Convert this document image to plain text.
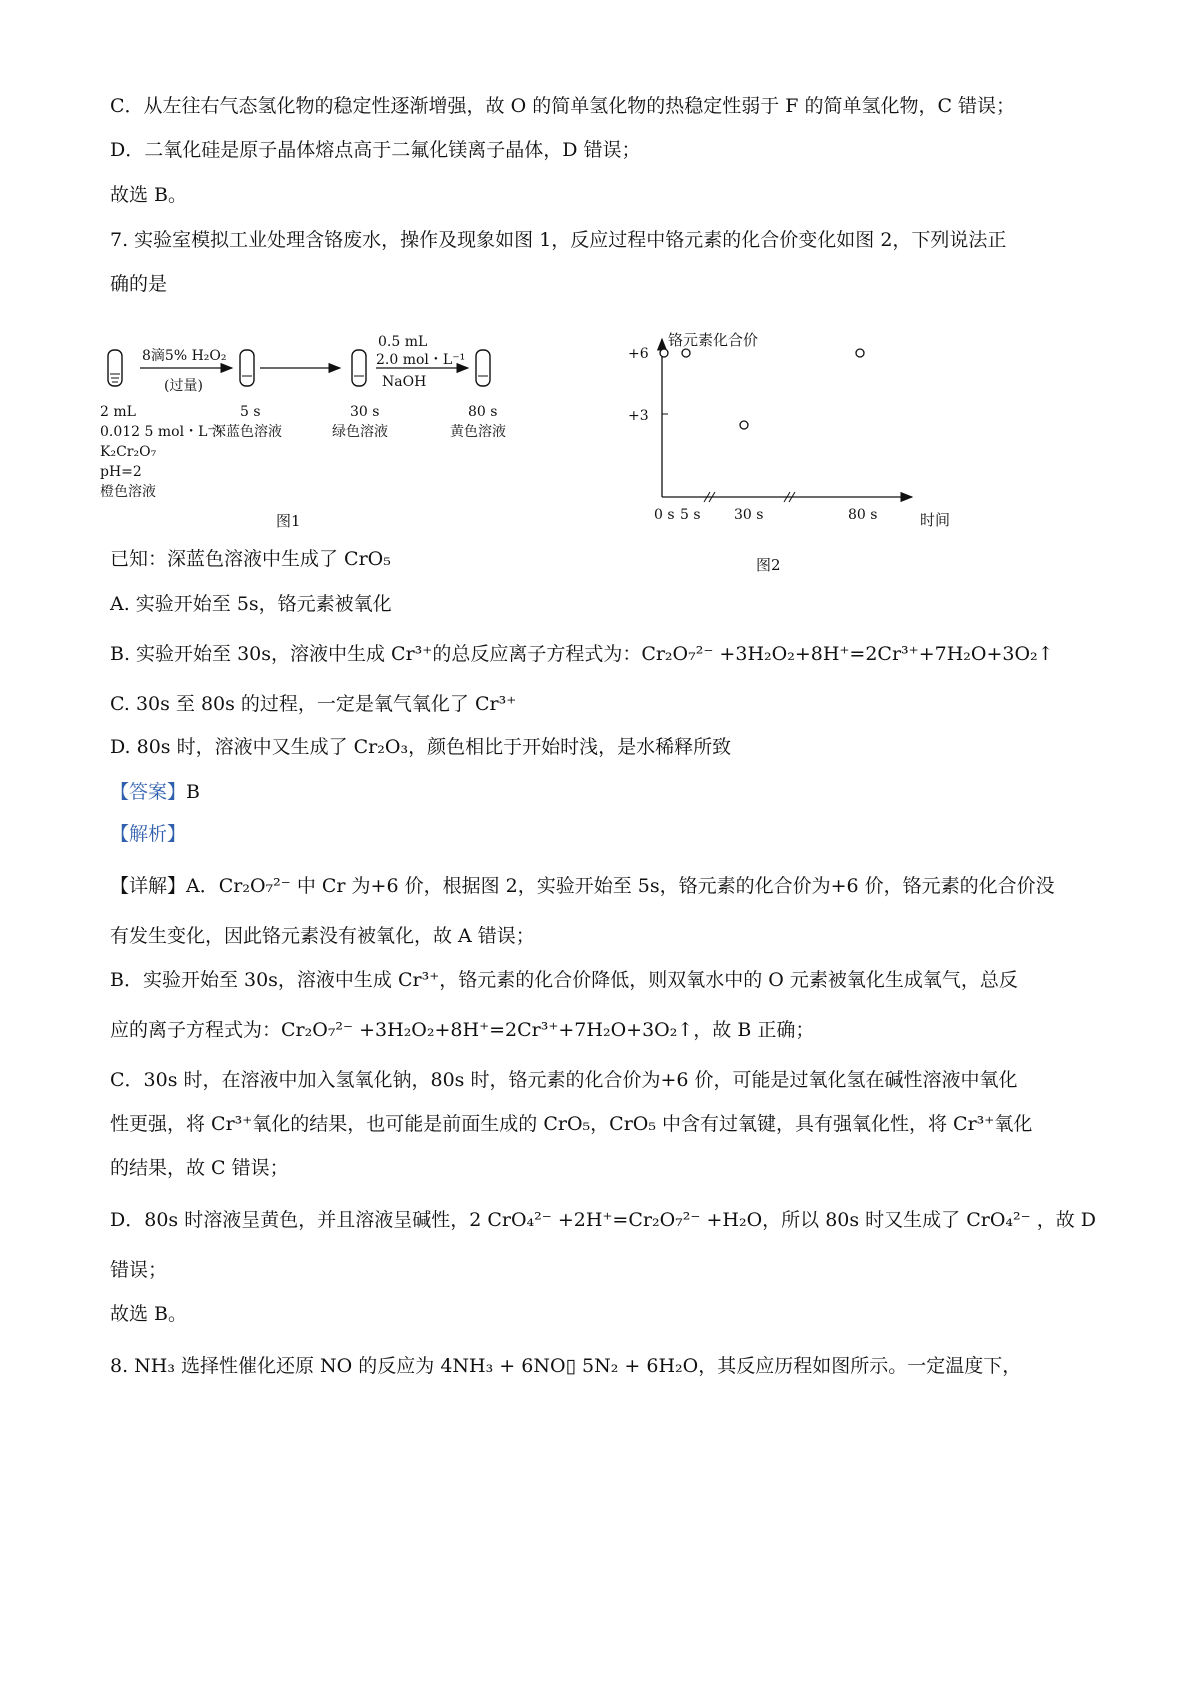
C．从左往右气态氢化物的稳定性逐渐增强，故 O 的简单氢化物的热稳定性弱于 F 的简单氢化物，C 错误；
D．二氧化硅是原子晶体熔点高于二氟化镁离子晶体，D 错误；
故选 B。
7. 实验室模拟工业处理含铬废水，操作及现象如图 1，反应过程中铬元素的化合价变化如图 2，下列说法正
确的是
2 mL
0.012 5 mol・L⁻¹
K₂Cr₂O₇
pH=2
橙色溶液
8滴5% H₂O₂
(过量)
5 s
深蓝色溶液
30 s
绿色溶液
0.5 mL
2.0 mol・L⁻¹
NaOH
80 s
黄色溶液
图1
铬元素化合价
时间
+6
+3
0 s 5 s 30 s	80 s
图2
已知：深蓝色溶液中生成了 CrO₅
A. 实验开始至 5s，铬元素被氧化
B. 实验开始至 30s，溶液中生成 Cr³⁺的总反应离子方程式为：Cr₂O₇²⁻ +3H₂O₂+8H⁺=2Cr³⁺+7H₂O+3O₂↑
C. 30s 至 80s 的过程，一定是氧气氧化了 Cr³⁺
D. 80s 时，溶液中又生成了 Cr₂O₃，颜色相比于开始时浅，是水稀释所致
【答案】B
【解析】
【详解】A．Cr₂O₇²⁻ 中 Cr 为+6 价，根据图 2，实验开始至 5s，铬元素的化合价为+6 价，铬元素的化合价没
有发生变化，因此铬元素没有被氧化，故 A 错误；
B．实验开始至 30s，溶液中生成 Cr³⁺，铬元素的化合价降低，则双氧水中的 O 元素被氧化生成氧气，总反
应的离子方程式为：Cr₂O₇²⁻ +3H₂O₂+8H⁺=2Cr³⁺+7H₂O+3O₂↑，故 B 正确；
C．30s 时，在溶液中加入氢氧化钠，80s 时，铬元素的化合价为+6 价，可能是过氧化氢在碱性溶液中氧化
性更强，将 Cr³⁺氧化的结果，也可能是前面生成的 CrO₅，CrO₅ 中含有过氧键，具有强氧化性，将 Cr³⁺氧化
的结果，故 C 错误；
D．80s 时溶液呈黄色，并且溶液呈碱性，2 CrO₄²⁻ +2H⁺=Cr₂O₇²⁻ +H₂O，所以 80s 时又生成了 CrO₄²⁻ ，故 D
错误；
故选 B。
8. NH₃ 选择性催化还原 NO 的反应为 4NH₃ + 6NO▯ 5N₂ + 6H₂O，其反应历程如图所示。一定温度下，
